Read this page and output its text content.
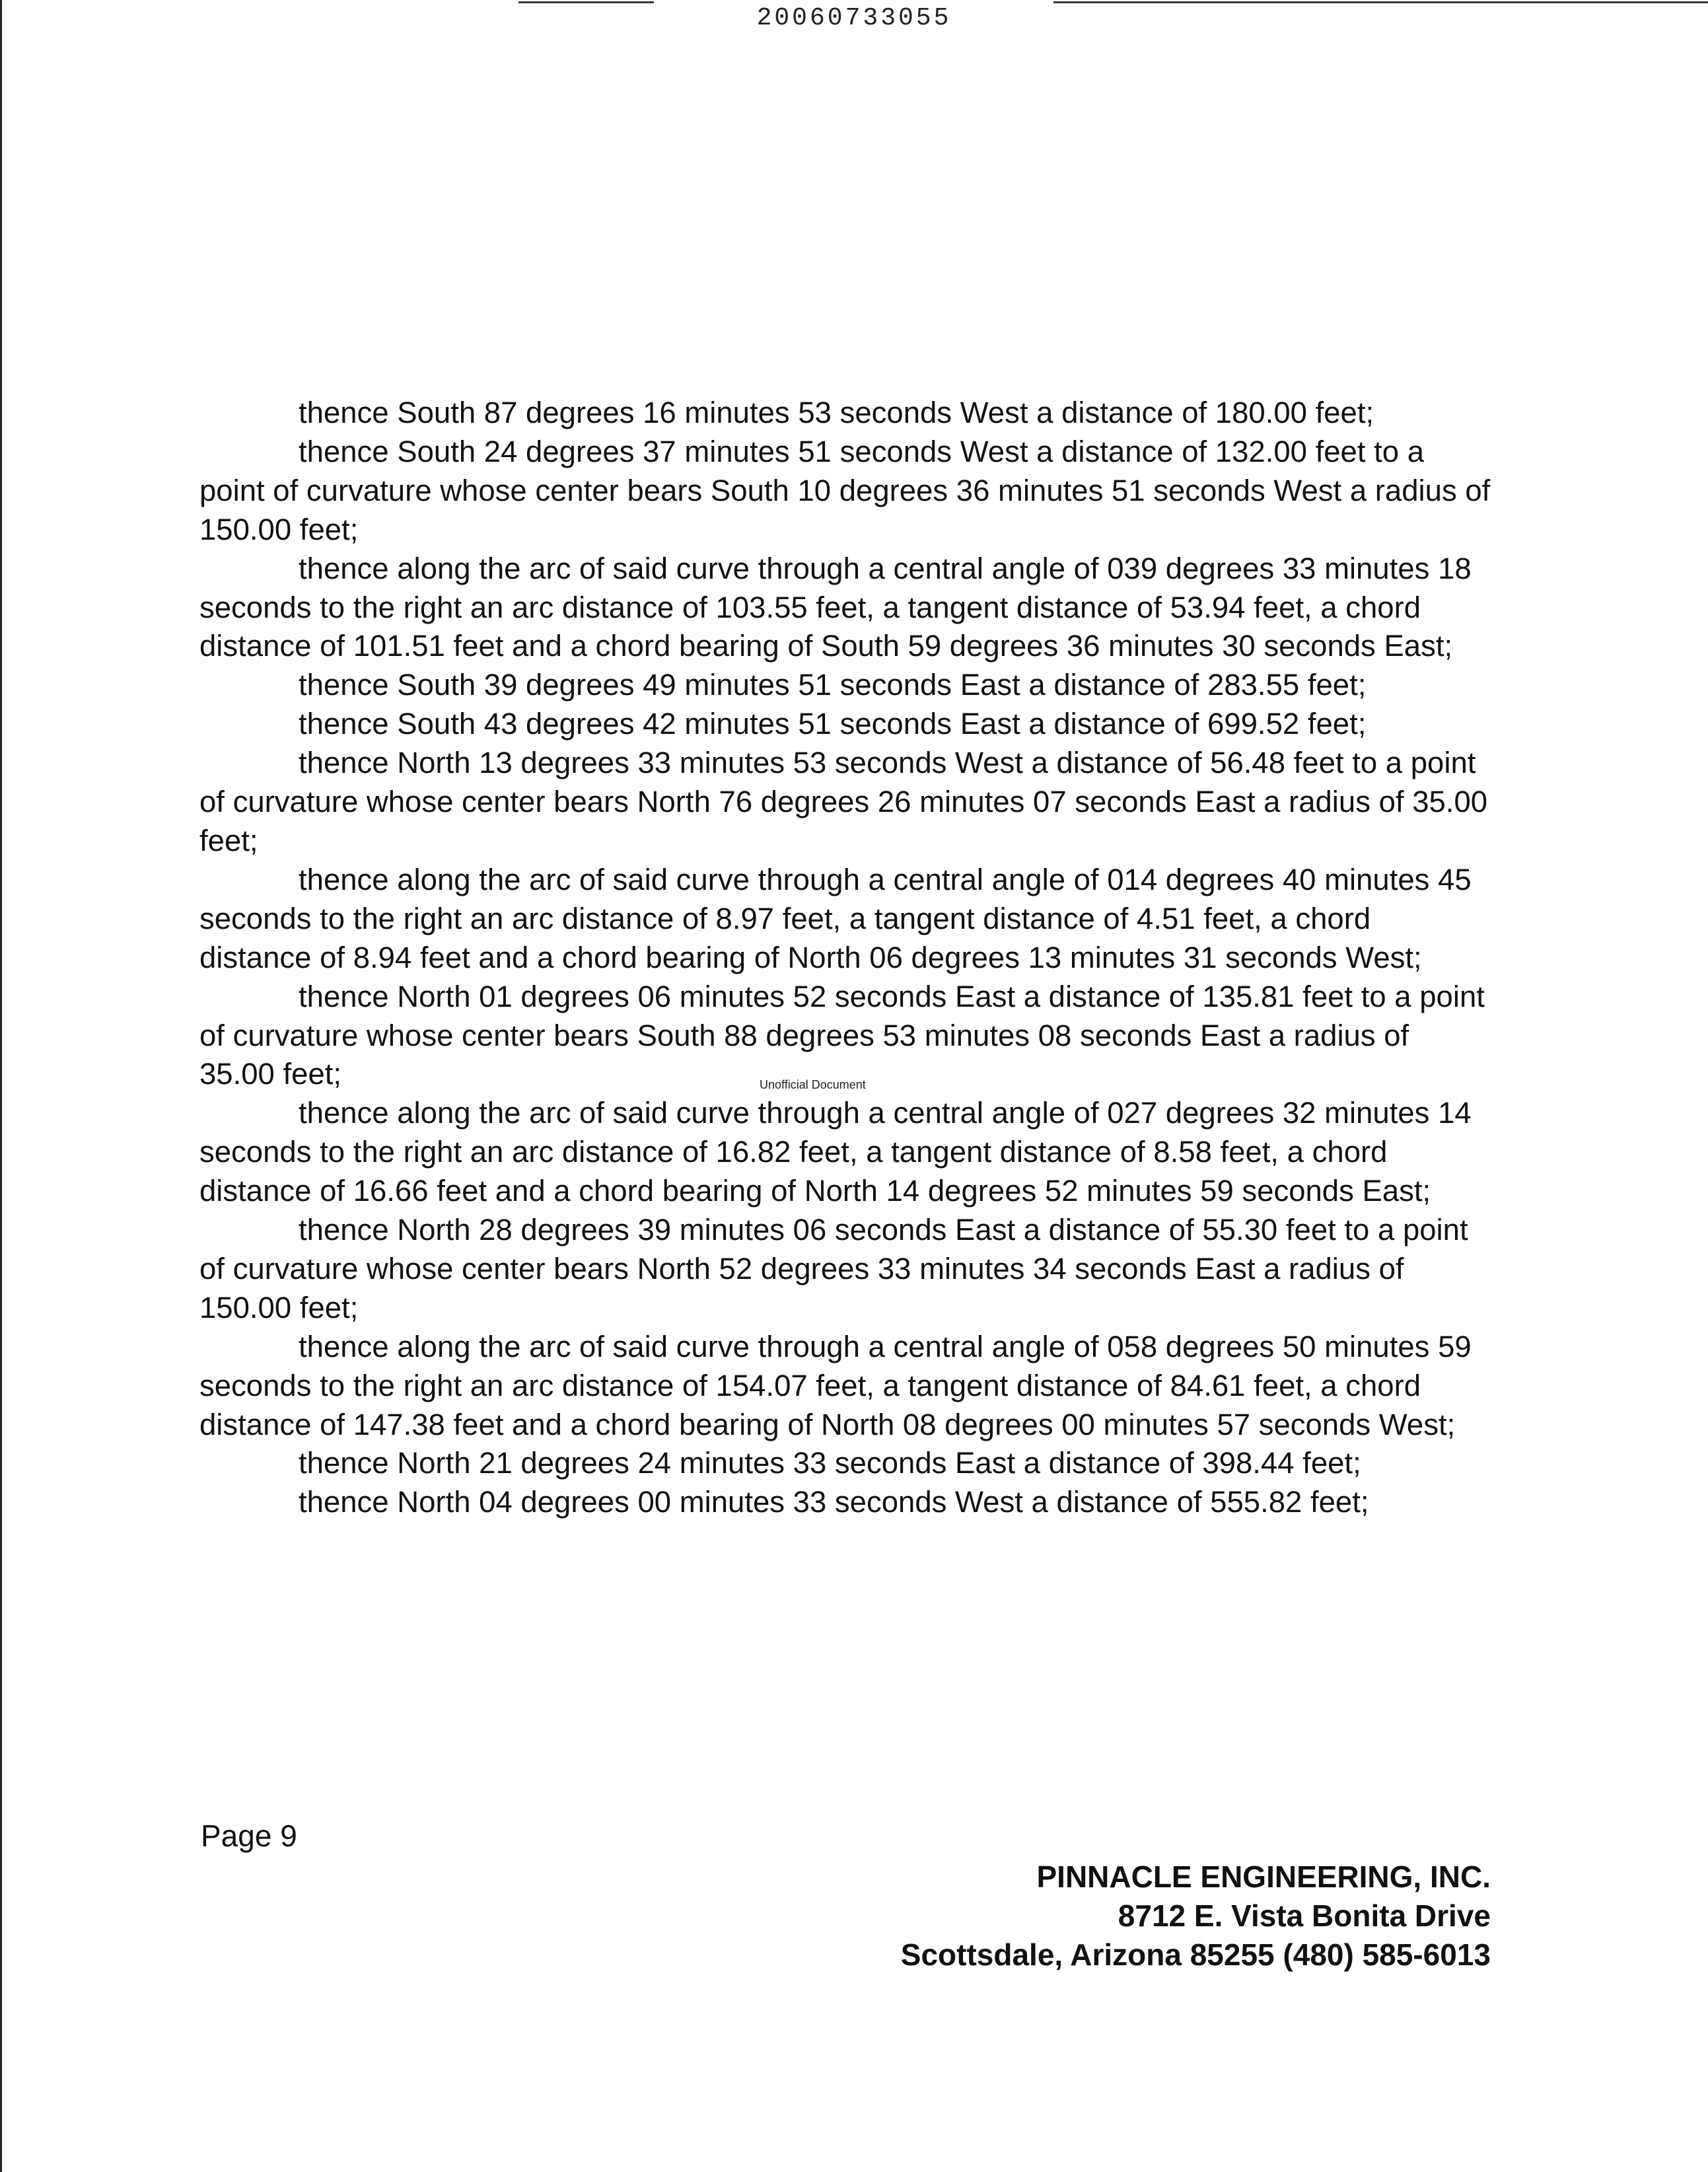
20060733055

thence South 87 degrees 16 minutes 53 seconds West a distance of 180.00 feet;

thence South 24 degrees 37 minutes 51 seconds West a distance of 132.00 feet to a point of curvature whose center bears South 10 degrees 36 minutes 51 seconds West a radius of 150.00 feet;

thence along the arc of said curve through a central angle of 039 degrees 33 minutes 18 seconds to the right an arc distance of 103.55 feet, a tangent distance of 53.94 feet, a chord distance of 101.51 feet and a chord bearing of South 59 degrees 36 minutes 30 seconds East;

thence South 39 degrees 49 minutes 51 seconds East a distance of 283.55 feet;

thence South 43 degrees 42 minutes 51 seconds East a distance of 699.52 feet;

thence North 13 degrees 33 minutes 53 seconds West a distance of 56.48 feet to a point of curvature whose center bears North 76 degrees 26 minutes 07 seconds East a radius of 35.00 feet;

thence along the arc of said curve through a central angle of 014 degrees 40 minutes 45 seconds to the right an arc distance of 8.97 feet, a tangent distance of 4.51 feet, a chord distance of 8.94 feet and a chord bearing of North 06 degrees 13 minutes 31 seconds West;

thence North 01 degrees 06 minutes 52 seconds East a distance of 135.81 feet to a point of curvature whose center bears South 88 degrees 53 minutes 08 seconds East a radius of 35.00 feet;

thence along the arc of said curve through a central angle of 027 degrees 32 minutes 14 seconds to the right an arc distance of 16.82 feet, a tangent distance of 8.58 feet, a chord distance of 16.66 feet and a chord bearing of North 14 degrees 52 minutes 59 seconds East;

thence North 28 degrees 39 minutes 06 seconds East a distance of 55.30 feet to a point of curvature whose center bears North 52 degrees 33 minutes 34 seconds East a radius of 150.00 feet;

thence along the arc of said curve through a central angle of 058 degrees 50 minutes 59 seconds to the right an arc distance of 154.07 feet, a tangent distance of 84.61 feet, a chord distance of 147.38 feet and a chord bearing of North 08 degrees 00 minutes 57 seconds West;

thence North 21 degrees 24 minutes 33 seconds East a distance of 398.44 feet;

thence North 04 degrees 00 minutes 33 seconds West a distance of 555.82 feet;

Unofficial Document
Page 9
PINNACLE ENGINEERING, INC.
8712 E. Vista Bonita Drive
Scottsdale, Arizona 85255 (480) 585-6013
